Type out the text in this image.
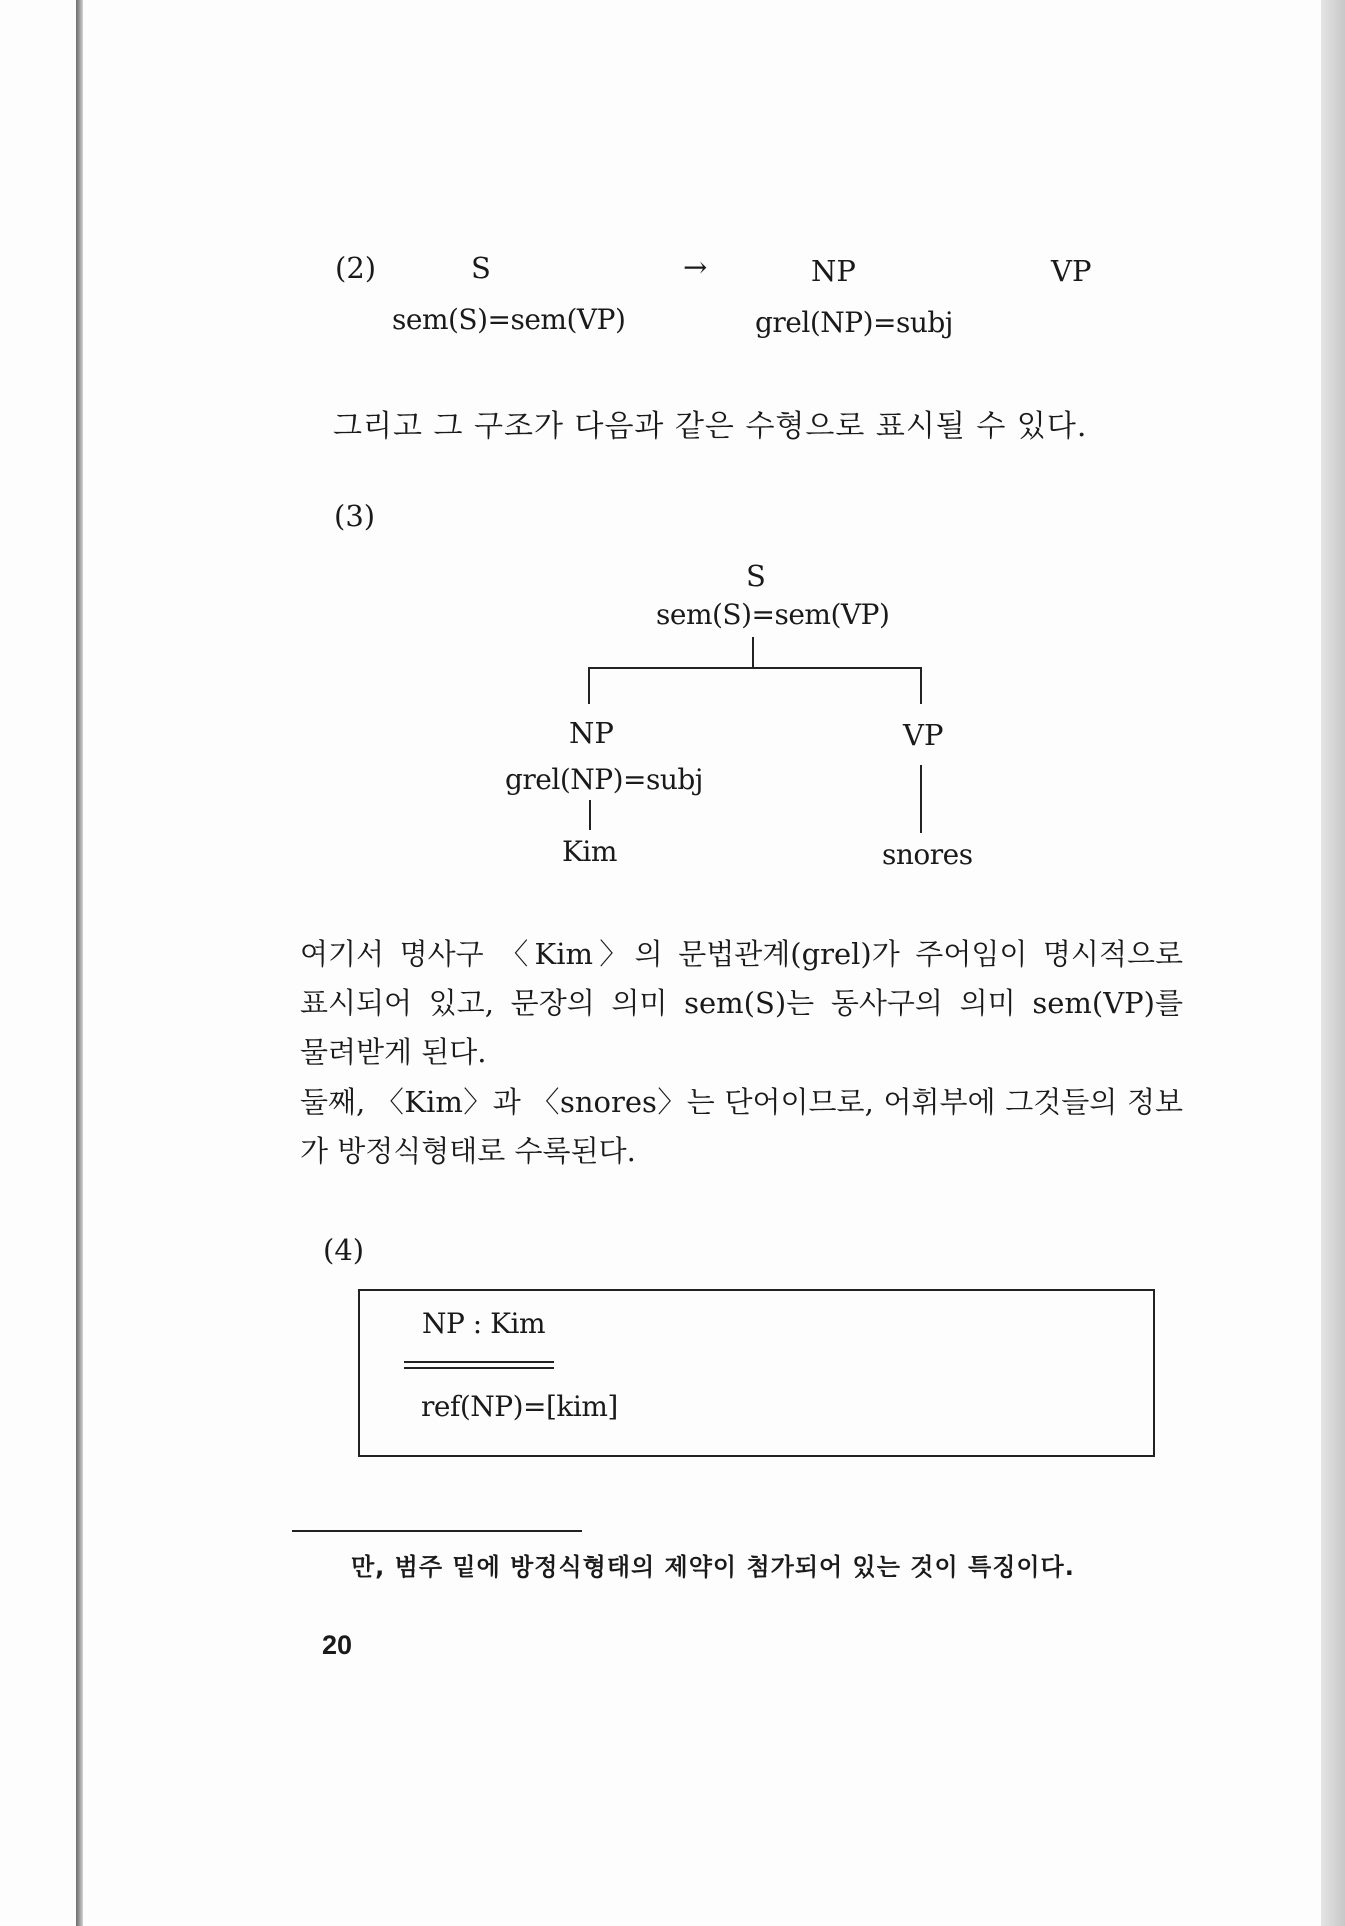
(2)	S	→	NP	VP
sem(S)=sem(VP)	grel(NP)=subj
그리고 그 구조가 다음과 같은 수형으로 표시될 수 있다.
(3)
S
sem(S)=sem(VP)
NP
grel(NP)=subj
Kim
VP
snores
여기서 명사구 〈Kim〉의 문법관계(grel)가 주어임이 명시적으로
표시되어 있고, 문장의 의미 sem(S)는 동사구의 의미 sem(VP)를
물려받게 된다.
둘째, 〈Kim〉과 〈snores〉는 단어이므로, 어휘부에 그것들의 정보
가 방정식형태로 수록된다.
(4)
NP : Kim
ref(NP)=[kim]
만, 범주 밑에 방정식형태의 제약이 첨가되어 있는 것이 특징이다.
20
